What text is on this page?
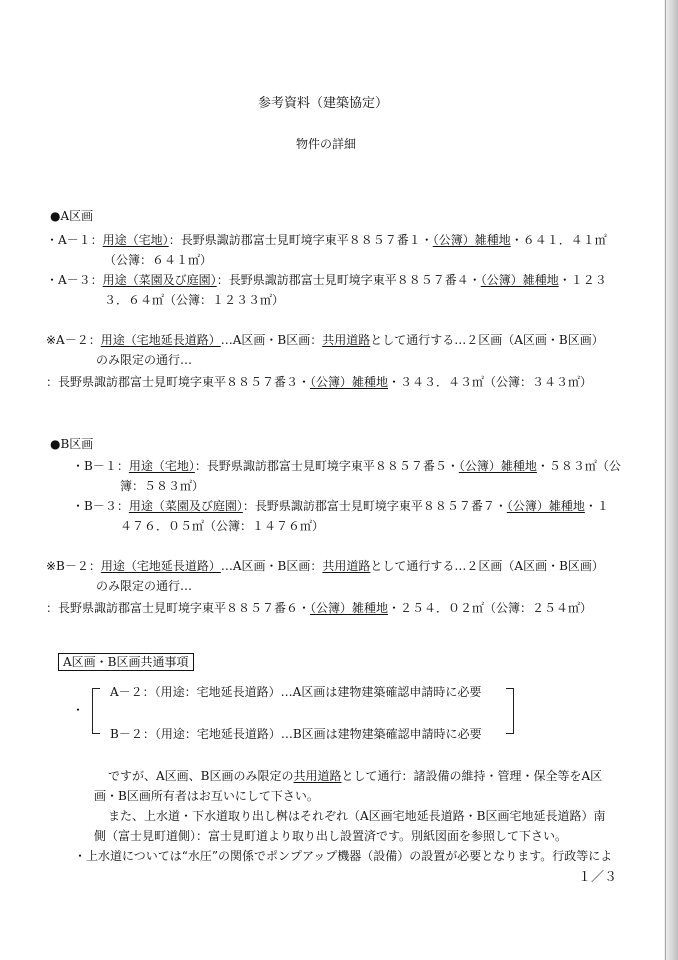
参考資料（建築協定）
物件の詳細
●A区画
・A－１：用途（宅地）：長野県諏訪郡富士見町境字東平８８５７番１・（公簿）雑種地・６４１．４１㎡
（公簿：６４１㎡）
・A－３：用途（菜園及び庭園）：長野県諏訪郡富士見町境字東平８８５７番４・（公簿）雑種地・１２３
３．６４㎡（公簿：１２３３㎡）
※A－２：用途（宅地延長道路）…A区画・B区画：共用道路として通行する…２区画（A区画・B区画）
のみ限定の通行…
：長野県諏訪郡富士見町境字東平８８５７番３・（公簿）雑種地・３４３．４３㎡（公簿：３４３㎡）
●B区画
・B－１：用途（宅地）：長野県諏訪郡富士見町境字東平８８５７番５・（公簿）雑種地・５８３㎡（公
簿：５８３㎡）
・B－３：用途（菜園及び庭園）：長野県諏訪郡富士見町境字東平８８５７番７・（公簿）雑種地・１
４７６．０５㎡（公簿：１４７６㎡）
※B－２：用途（宅地延長道路）…A区画・B区画：共用道路として通行する…２区画（A区画・B区画）
のみ限定の通行…
：長野県諏訪郡富士見町境字東平８８５７番６・（公簿）雑種地・２５４．０２㎡（公簿：２５４㎡）
A区画・B区画共通事項
・
A－２：（用途：宅地延長道路）…A区画は建物建築確認申請時に必要
B－２：（用途：宅地延長道路）…B区画は建物建築確認申請時に必要
ですが、A区画、B区画のみ限定の共用道路として通行：諸設備の維持・管理・保全等をA区
画・B区画所有者はお互いにして下さい。
また、上水道・下水道取り出し桝はそれぞれ（A区画宅地延長道路・B区画宅地延長道路）南
側（富士見町道側）：富士見町道より取り出し設置済です。別紙図面を参照して下さい。
・上水道については“水圧”の関係でポンプアップ機器（設備）の設置が必要となります。行政等によ
１／３
